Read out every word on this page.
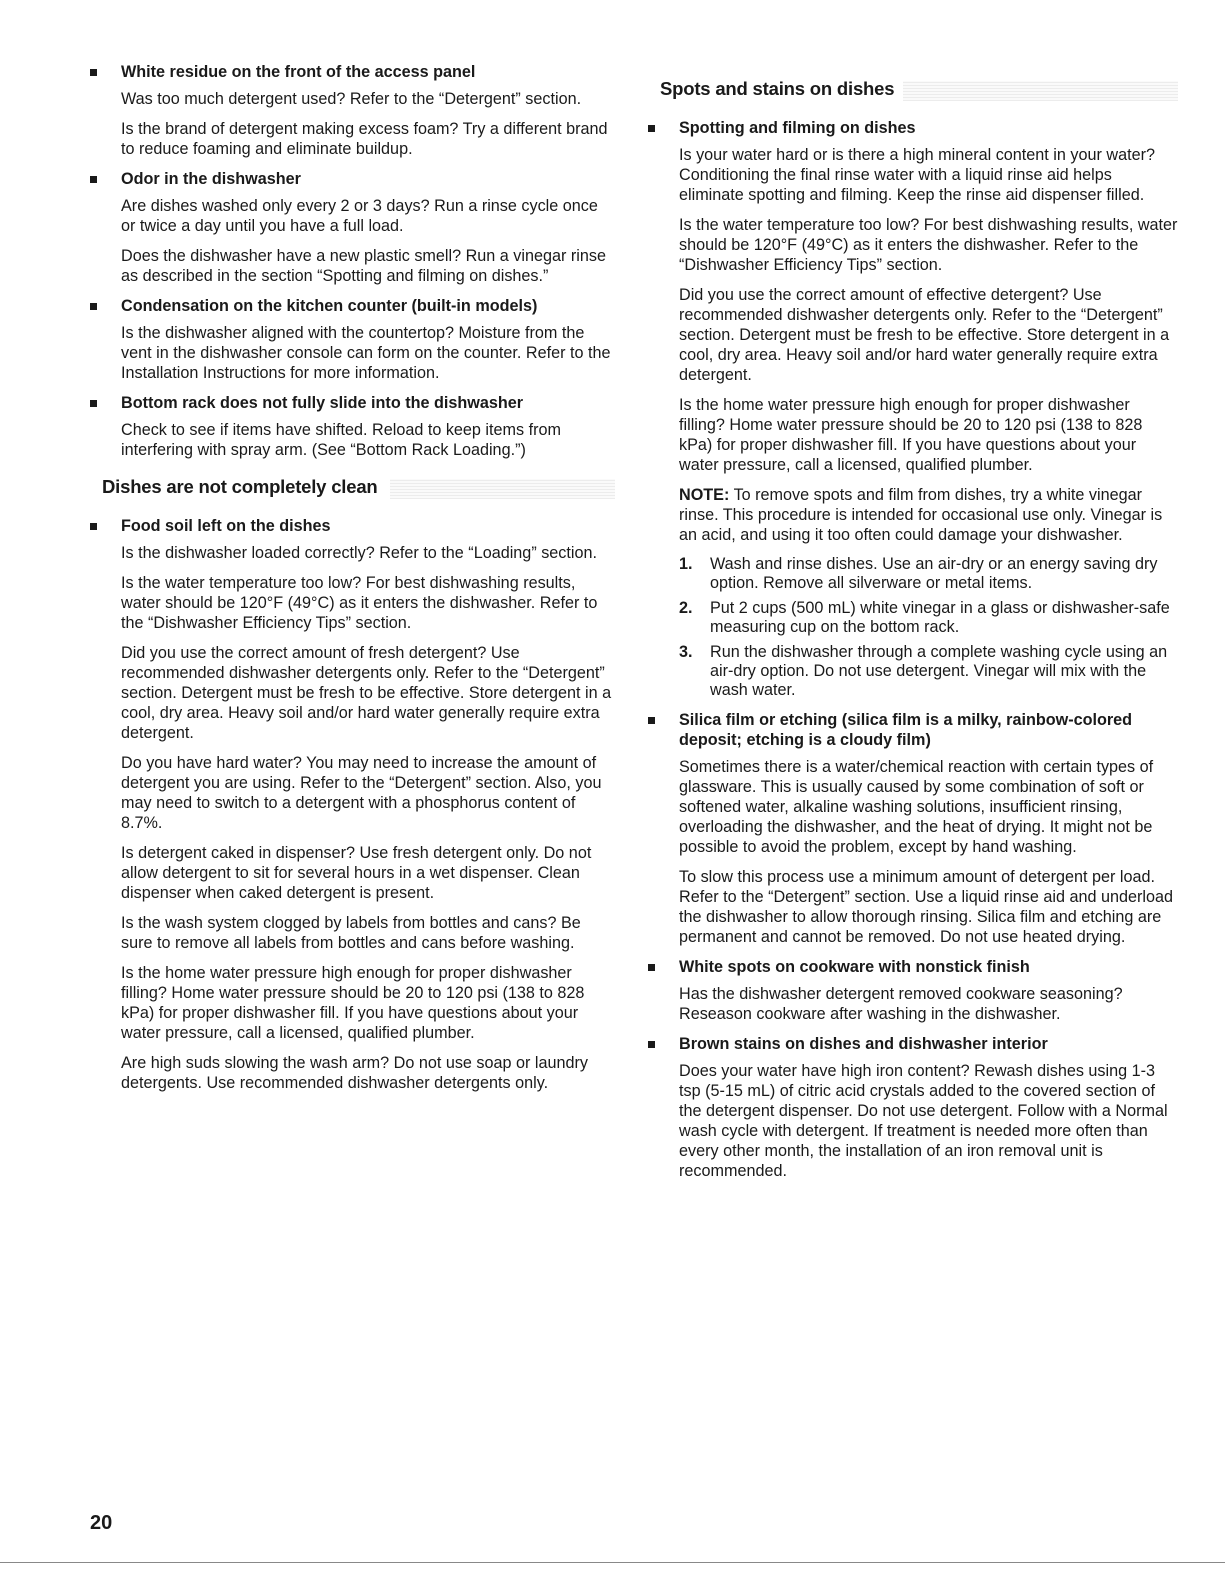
White residue on the front of the access panel

Was too much detergent used? Refer to the “Detergent” section.

Is the brand of detergent making excess foam? Try a different brand to reduce foaming and eliminate buildup.

Odor in the dishwasher

Are dishes washed only every 2 or 3 days? Run a rinse cycle once or twice a day until you have a full load.

Does the dishwasher have a new plastic smell? Run a vinegar rinse as described in the section “Spotting and filming on dishes.”

Condensation on the kitchen counter (built-in models)

Is the dishwasher aligned with the countertop? Moisture from the vent in the dishwasher console can form on the counter. Refer to the Installation Instructions for more information.

Bottom rack does not fully slide into the dishwasher

Check to see if items have shifted. Reload to keep items from interfering with spray arm. (See “Bottom Rack Loading.”)

Dishes are not completely clean
Food soil left on the dishes

Is the dishwasher loaded correctly? Refer to the “Loading” section.

Is the water temperature too low? For best dishwashing results, water should be 120°F (49°C) as it enters the dishwasher. Refer to the “Dishwasher Efficiency Tips” section.

Did you use the correct amount of fresh detergent? Use recommended dishwasher detergents only. Refer to the “Detergent” section. Detergent must be fresh to be effective. Store detergent in a cool, dry area. Heavy soil and/or hard water generally require extra detergent.

Do you have hard water? You may need to increase the amount of detergent you are using. Refer to the “Detergent” section. Also, you may need to switch to a detergent with a phosphorus content of 8.7%.

Is detergent caked in dispenser? Use fresh detergent only. Do not allow detergent to sit for several hours in a wet dispenser. Clean dispenser when caked detergent is present.

Is the wash system clogged by labels from bottles and cans? Be sure to remove all labels from bottles and cans before washing.

Is the home water pressure high enough for proper dishwasher filling? Home water pressure should be 20 to 120 psi (138 to 828 kPa) for proper dishwasher fill. If you have questions about your water pressure, call a licensed, qualified plumber.

Are high suds slowing the wash arm? Do not use soap or laundry detergents. Use recommended dishwasher detergents only.

Spots and stains on dishes
Spotting and filming on dishes

Is your water hard or is there a high mineral content in your water? Conditioning the final rinse water with a liquid rinse aid helps eliminate spotting and filming. Keep the rinse aid dispenser filled.

Is the water temperature too low? For best dishwashing results, water should be 120°F (49°C) as it enters the dishwasher. Refer to the “Dishwasher Efficiency Tips” section.

Did you use the correct amount of effective detergent? Use recommended dishwasher detergents only. Refer to the “Detergent” section. Detergent must be fresh to be effective. Store detergent in a cool, dry area. Heavy soil and/or hard water generally require extra detergent.

Is the home water pressure high enough for proper dishwasher filling? Home water pressure should be 20 to 120 psi (138 to 828 kPa) for proper dishwasher fill. If you have questions about your water pressure, call a licensed, qualified plumber.

NOTE: To remove spots and film from dishes, try a white vinegar rinse. This procedure is intended for occasional use only. Vinegar is an acid, and using it too often could damage your dishwasher.

1. Wash and rinse dishes. Use an air-dry or an energy saving dry option. Remove all silverware or metal items.
2. Put 2 cups (500 mL) white vinegar in a glass or dishwasher-safe measuring cup on the bottom rack.
3. Run the dishwasher through a complete washing cycle using an air-dry option. Do not use detergent. Vinegar will mix with the wash water.
Silica film or etching (silica film is a milky, rainbow-colored deposit; etching is a cloudy film)

Sometimes there is a water/chemical reaction with certain types of glassware. This is usually caused by some combination of soft or softened water, alkaline washing solutions, insufficient rinsing, overloading the dishwasher, and the heat of drying. It might not be possible to avoid the problem, except by hand washing.

To slow this process use a minimum amount of detergent per load. Refer to the “Detergent” section. Use a liquid rinse aid and underload the dishwasher to allow thorough rinsing. Silica film and etching are permanent and cannot be removed. Do not use heated drying.

White spots on cookware with nonstick finish

Has the dishwasher detergent removed cookware seasoning? Reseason cookware after washing in the dishwasher.

Brown stains on dishes and dishwasher interior

Does your water have high iron content? Rewash dishes using 1-3 tsp (5-15 mL) of citric acid crystals added to the covered section of the detergent dispenser. Do not use detergent. Follow with a Normal wash cycle with detergent. If treatment is needed more often than every other month, the installation of an iron removal unit is recommended.

20
